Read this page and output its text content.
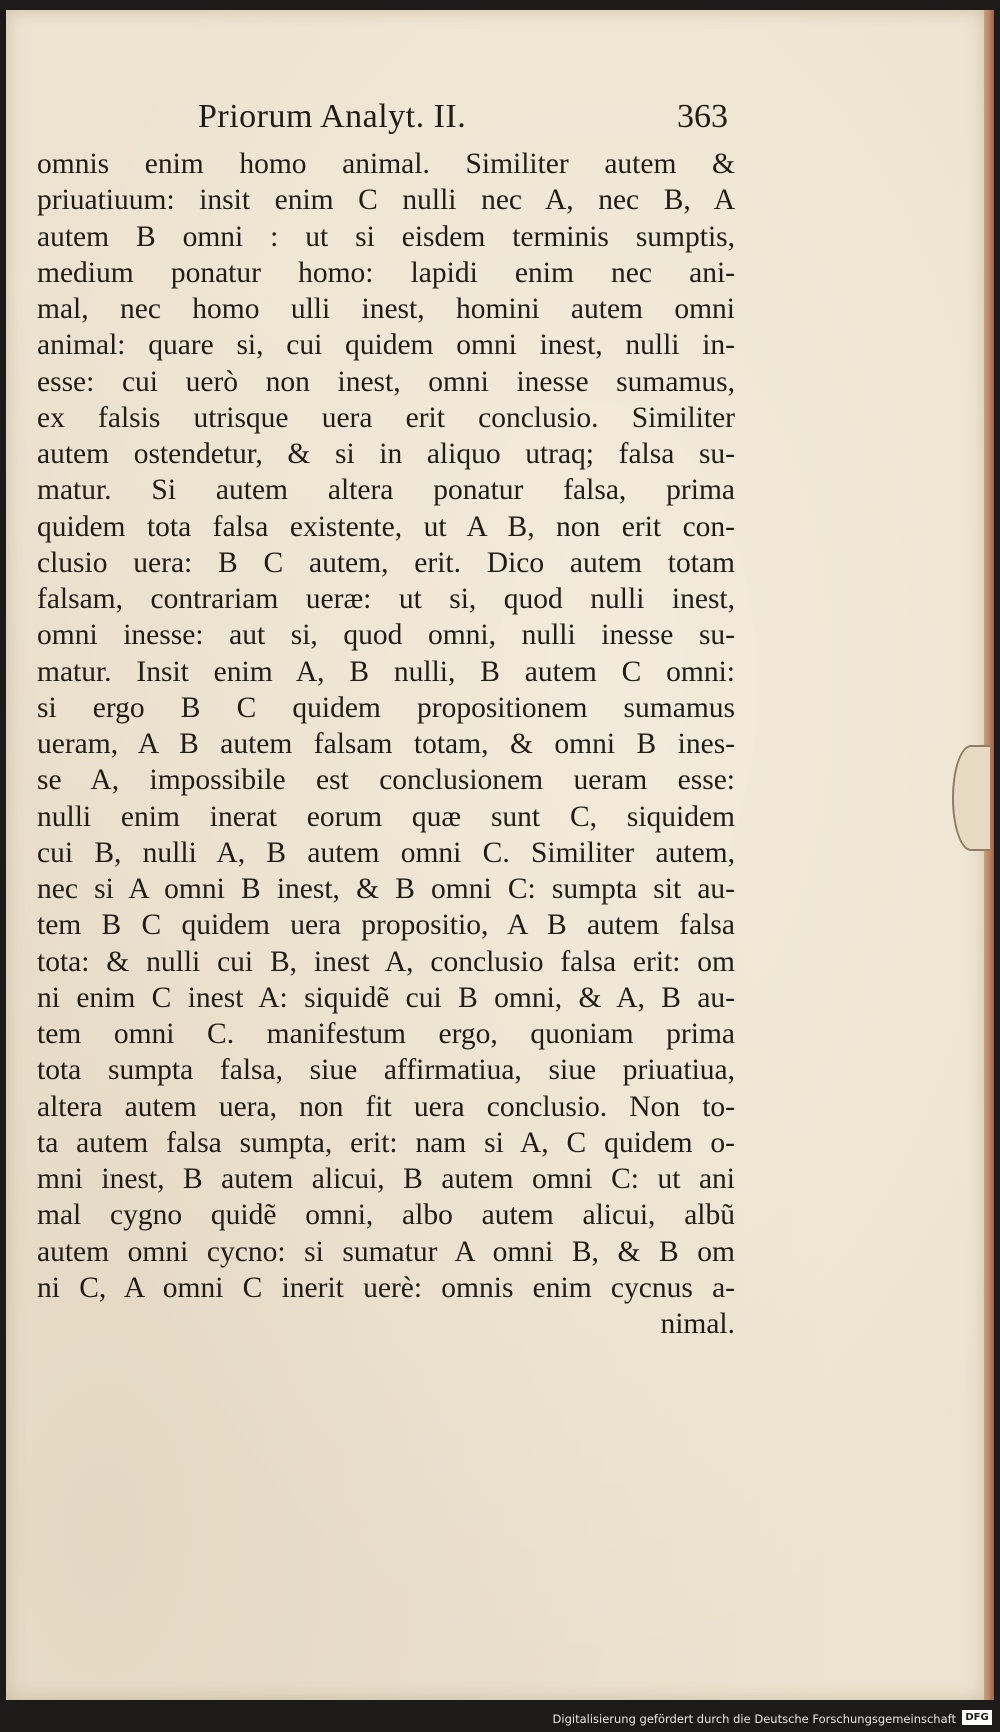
Priorum Analyt. II.	363
omnis enim homo animal. Similiter autem &
priuatiuum: insit enim C nulli nec A, nec B, A
autem B omni : ut si eisdem terminis sumptis,
medium ponatur homo: lapidi enim nec ani-
mal, nec homo ulli inest, homini autem omni
animal: quare si, cui quidem omni inest, nulli in-
esse: cui uerò non inest, omni inesse sumamus,
ex falsis utrisque uera erit conclusio. Similiter
autem ostendetur, & si in aliquo utraq; falsa su-
matur. Si autem altera ponatur falsa, prima
quidem tota falsa existente, ut A B, non erit con-
clusio uera: B C autem, erit. Dico autem totam
falsam, contrariam ueræ: ut si, quod nulli inest,
omni inesse: aut si, quod omni, nulli inesse su-
matur. Insit enim A, B nulli, B autem C omni:
si ergo B C quidem propositionem sumamus
ueram, A B autem falsam totam, & omni B ines-
se A, impossibile est conclusionem ueram esse:
nulli enim inerat eorum quæ sunt C, siquidem
cui B, nulli A, B autem omni C. Similiter autem,
nec si A omni B inest, & B omni C: sumpta sit au-
tem B C quidem uera propositio, A B autem falsa
tota: & nulli cui B, inest A, conclusio falsa erit: om
ni enim C inest A: siquidẽ cui B omni, & A, B au-
tem omni C. manifestum ergo, quoniam prima
tota sumpta falsa, siue affirmatiua, siue priuatiua,
altera autem uera, non fit uera conclusio. Non to-
ta autem falsa sumpta, erit: nam si A, C quidem o-
mni inest, B autem alicui, B autem omni C: ut ani
mal cygno quidẽ omni, albo autem alicui, albũ
autem omni cycno: si sumatur A omni B, & B om
ni C, A omni C inerit uerè: omnis enim cycnus a-
nimal.
Digitalisierung gefördert durch die Deutsche Forschungsgemeinschaft DFG
